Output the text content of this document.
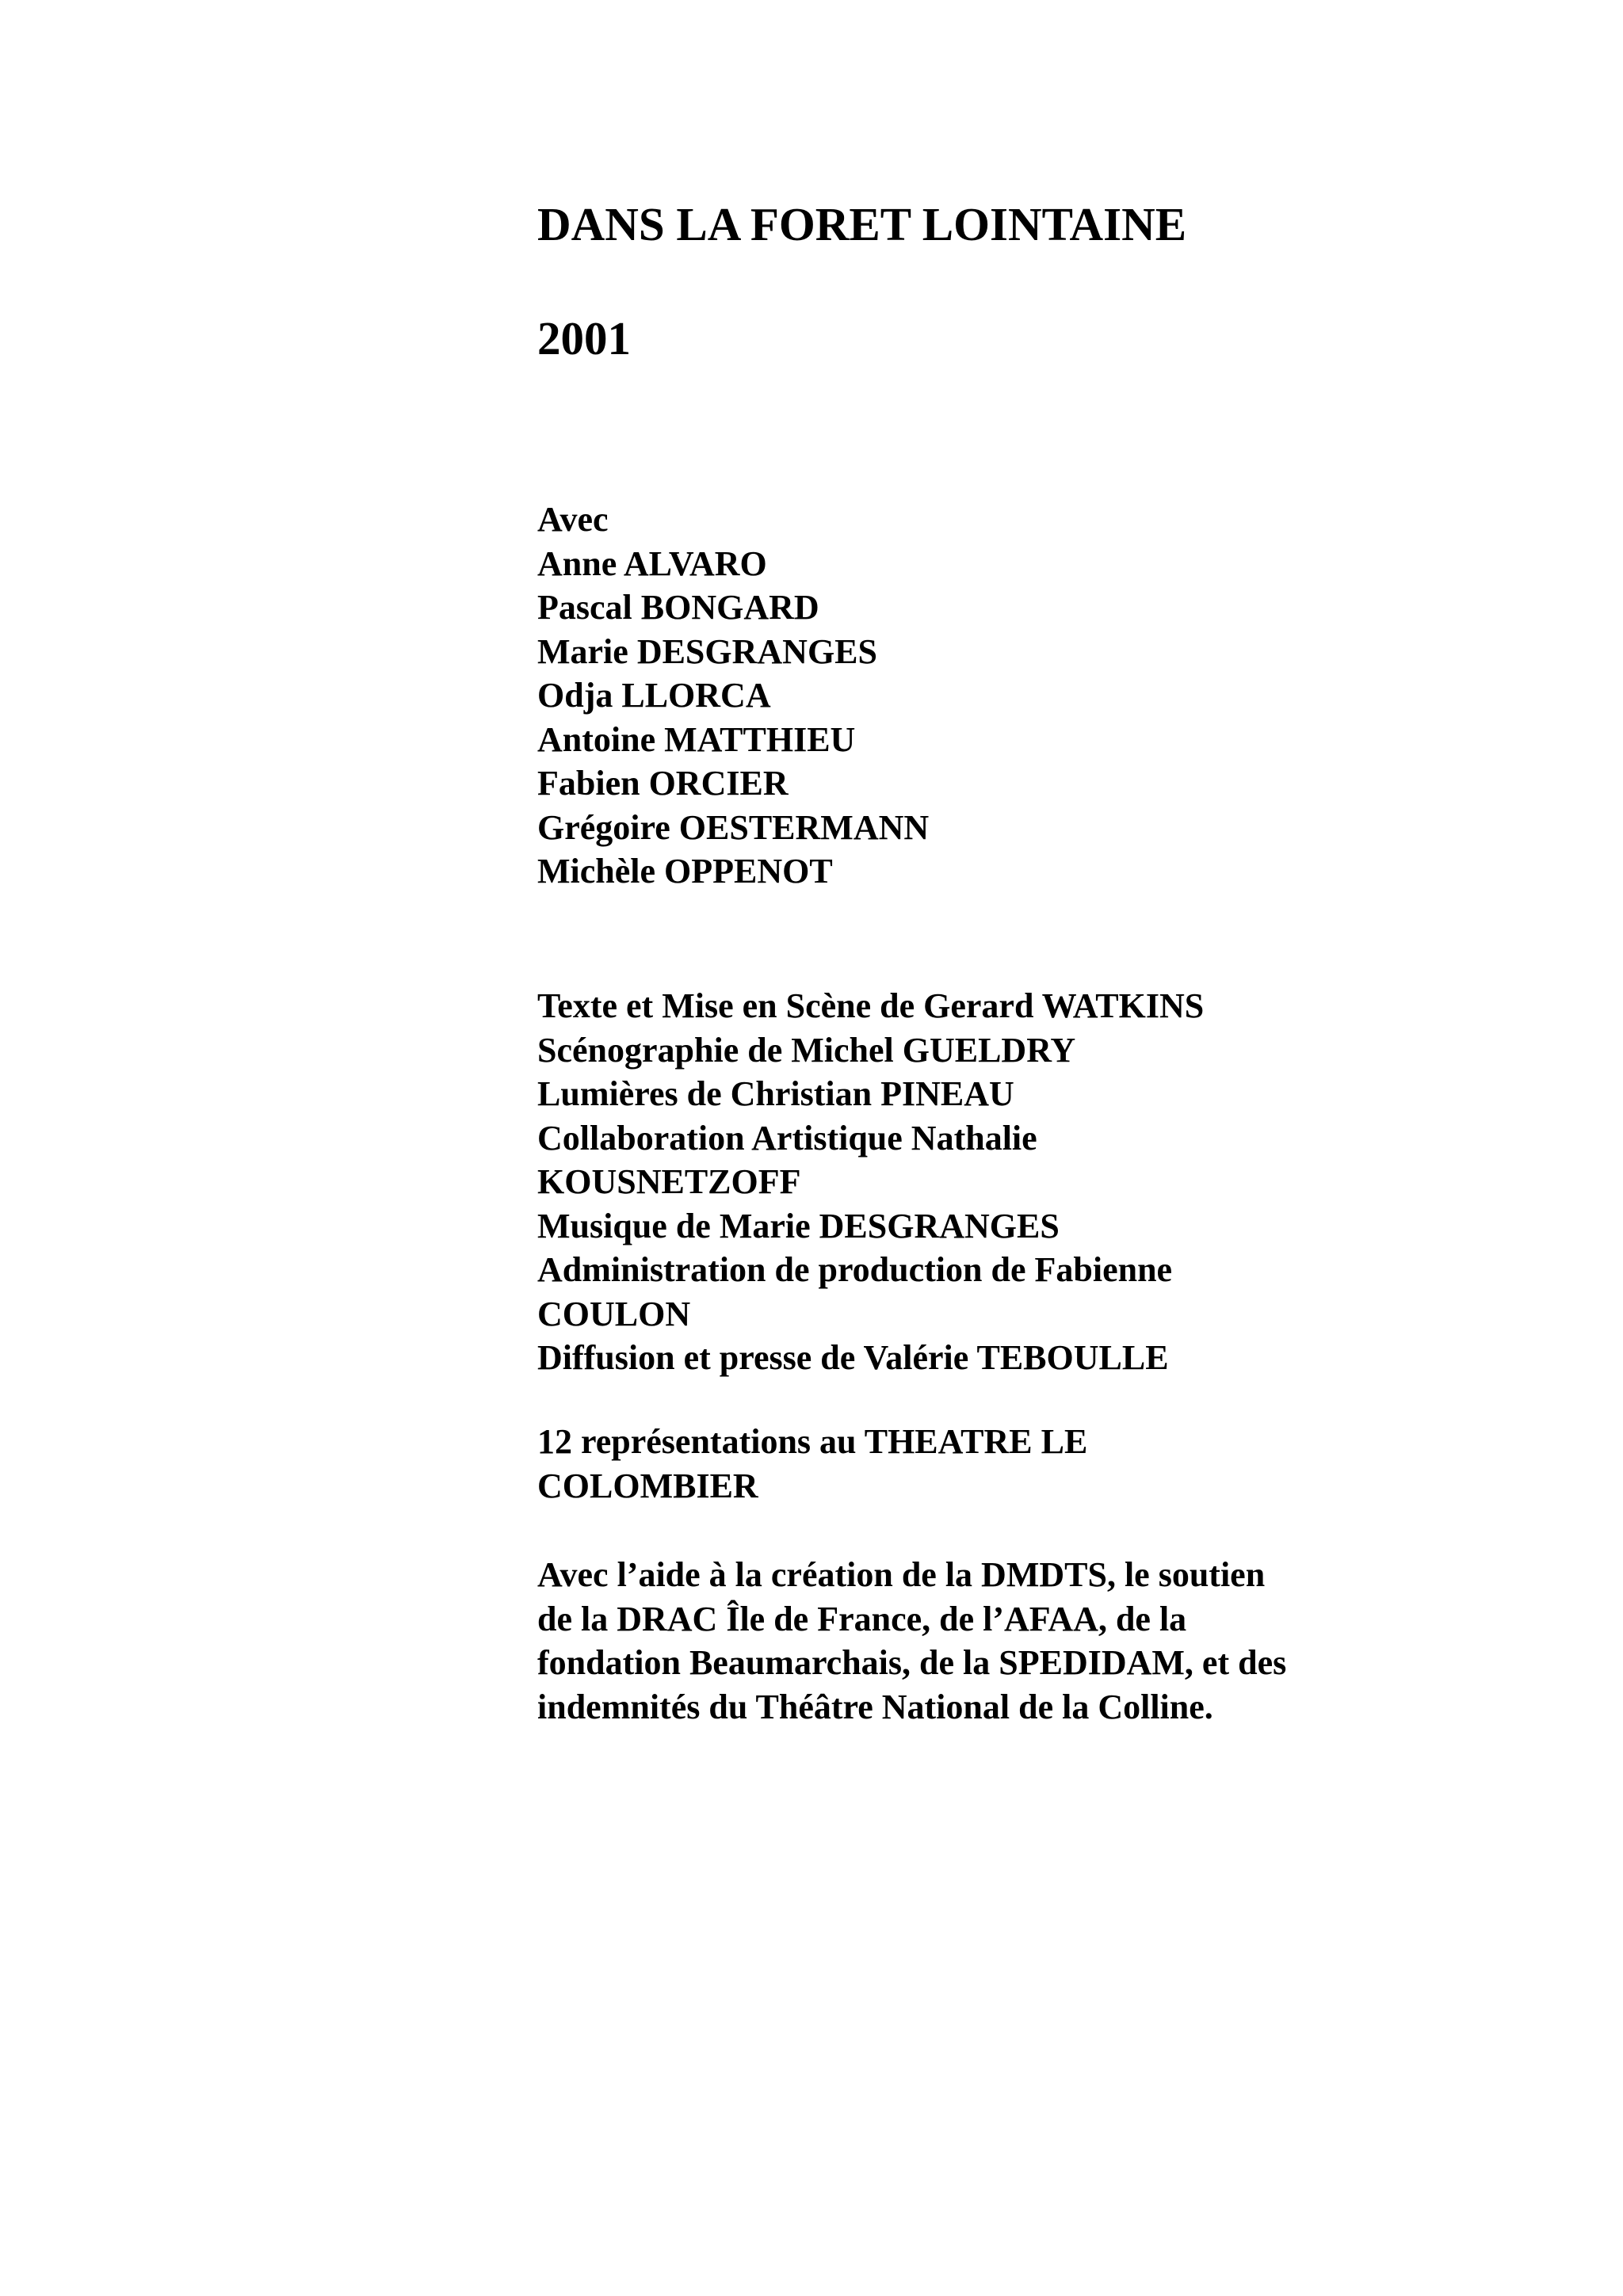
DANS LA FORET LOINTAINE
2001
Avec
Anne ALVARO
Pascal BONGARD
Marie DESGRANGES
Odja LLORCA
Antoine MATTHIEU
Fabien ORCIER
Grégoire OESTERMANN
Michèle OPPENOT

Texte et Mise en Scène de Gerard WATKINS

Scénographie de Michel GUELDRY

Lumières de Christian PINEAU

Collaboration Artistique Nathalie

KOUSNETZOFF

Musique de Marie DESGRANGES

Administration de production de Fabienne

COULON

Diffusion et presse de Valérie TEBOULLE

12 représentations au THEATRE LE

COLOMBIER

Avec l’aide à la création de la DMDTS, le soutien

de la DRAC Île de France, de l’AFAA, de la

fondation Beaumarchais, de la SPEDIDAM, et des

indemnités du Théâtre National de la Colline.
